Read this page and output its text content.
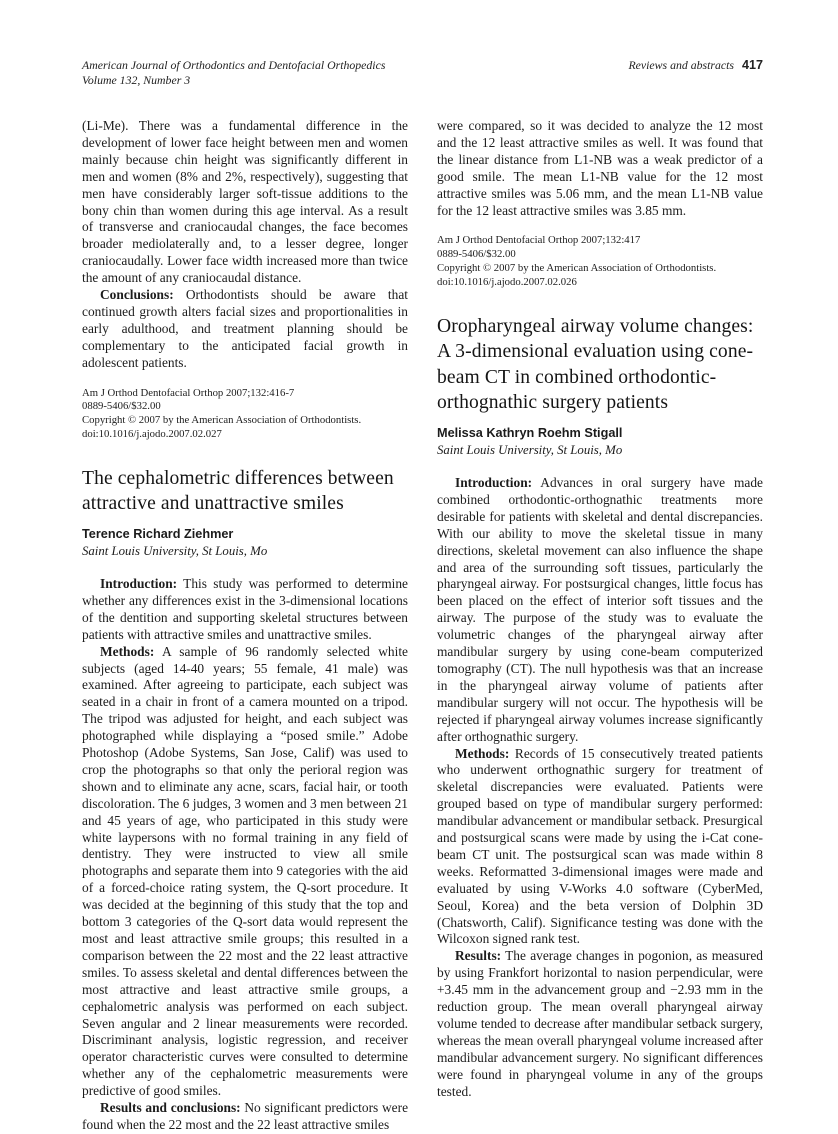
American Journal of Orthodontics and Dentofacial Orthopedics
Volume 132, Number 3
Reviews and abstracts 417

(Li-Me). There was a fundamental difference in the development of lower face height between men and women mainly because chin height was significantly different in men and women (8% and 2%, respectively), suggesting that men have considerably larger soft-tissue additions to the bony chin than women during this age interval. As a result of transverse and craniocaudal changes, the face becomes broader mediolaterally and, to a lesser degree, longer craniocaudally. Lower face width increased more than twice the amount of any craniocaudal distance.

Conclusions: Orthodontists should be aware that continued growth alters facial sizes and proportionalities in early adulthood, and treatment planning should be complementary to the anticipated facial growth in adolescent patients.

Am J Orthod Dentofacial Orthop 2007;132:416-7
0889-5406/$32.00
Copyright © 2007 by the American Association of Orthodontists.
doi:10.1016/j.ajodo.2007.02.027
The cephalometric differences between attractive and unattractive smiles

Terence Richard Ziehmer

Saint Louis University, St Louis, Mo

Introduction: This study was performed to determine whether any differences exist in the 3-dimensional locations of the dentition and supporting skeletal structures between patients with attractive smiles and unattractive smiles.

Methods: A sample of 96 randomly selected white subjects (aged 14-40 years; 55 female, 41 male) was examined. After agreeing to participate, each subject was seated in a chair in front of a camera mounted on a tripod. The tripod was adjusted for height, and each subject was photographed while displaying a “posed smile.” Adobe Photoshop (Adobe Systems, San Jose, Calif) was used to crop the photographs so that only the perioral region was shown and to eliminate any acne, scars, facial hair, or tooth discoloration. The 6 judges, 3 women and 3 men between 21 and 45 years of age, who participated in this study were white laypersons with no formal training in any field of dentistry. They were instructed to view all smile photographs and separate them into 9 categories with the aid of a forced-choice rating system, the Q-sort procedure. It was decided at the beginning of this study that the top and bottom 3 categories of the Q-sort data would represent the most and least attractive smile groups; this resulted in a comparison between the 22 most and the 22 least attractive smiles. To assess skeletal and dental differences between the most attractive and least attractive smile groups, a cephalometric analysis was performed on each subject. Seven angular and 2 linear measurements were recorded. Discriminant analysis, logistic regression, and receiver operator characteristic curves were consulted to determine whether any of the cephalometric measurements were predictive of good smiles.

Results and conclusions: No significant predictors were found when the 22 most and the 22 least attractive smiles

were compared, so it was decided to analyze the 12 most and the 12 least attractive smiles as well. It was found that the linear distance from L1-NB was a weak predictor of a good smile. The mean L1-NB value for the 12 most attractive smiles was 5.06 mm, and the mean L1-NB value for the 12 least attractive smiles was 3.85 mm.

Am J Orthod Dentofacial Orthop 2007;132:417
0889-5406/$32.00
Copyright © 2007 by the American Association of Orthodontists.
doi:10.1016/j.ajodo.2007.02.026
Oropharyngeal airway volume changes: A 3-dimensional evaluation using cone-beam CT in combined orthodontic-orthognathic surgery patients

Melissa Kathryn Roehm Stigall

Saint Louis University, St Louis, Mo

Introduction: Advances in oral surgery have made combined orthodontic-orthognathic treatments more desirable for patients with skeletal and dental discrepancies. With our ability to move the skeletal tissue in many directions, skeletal movement can also influence the shape and area of the surrounding soft tissues, particularly the pharyngeal airway. For postsurgical changes, little focus has been placed on the effect of interior soft tissues and the airway. The purpose of the study was to evaluate the volumetric changes of the pharyngeal airway after mandibular surgery by using cone-beam computerized tomography (CT). The null hypothesis was that an increase in the pharyngeal airway volume of patients after mandibular surgery will not occur. The hypothesis will be rejected if pharyngeal airway volumes increase significantly after orthognathic surgery.

Methods: Records of 15 consecutively treated patients who underwent orthognathic surgery for treatment of skeletal discrepancies were evaluated. Patients were grouped based on type of mandibular surgery performed: mandibular advancement or mandibular setback. Presurgical and postsurgical scans were made by using the i-Cat cone-beam CT unit. The postsurgical scan was made within 8 weeks. Reformatted 3-dimensional images were made and evaluated by using V-Works 4.0 software (CyberMed, Seoul, Korea) and the beta version of Dolphin 3D (Chatsworth, Calif). Significance testing was done with the Wilcoxon signed rank test.

Results: The average changes in pogonion, as measured by using Frankfort horizontal to nasion perpendicular, were +3.45 mm in the advancement group and −2.93 mm in the reduction group. The mean overall pharyngeal airway volume tended to decrease after mandibular setback surgery, whereas the mean overall pharyngeal volume increased after mandibular advancement surgery. No significant differences were found in pharyngeal volume in any of the groups tested.
